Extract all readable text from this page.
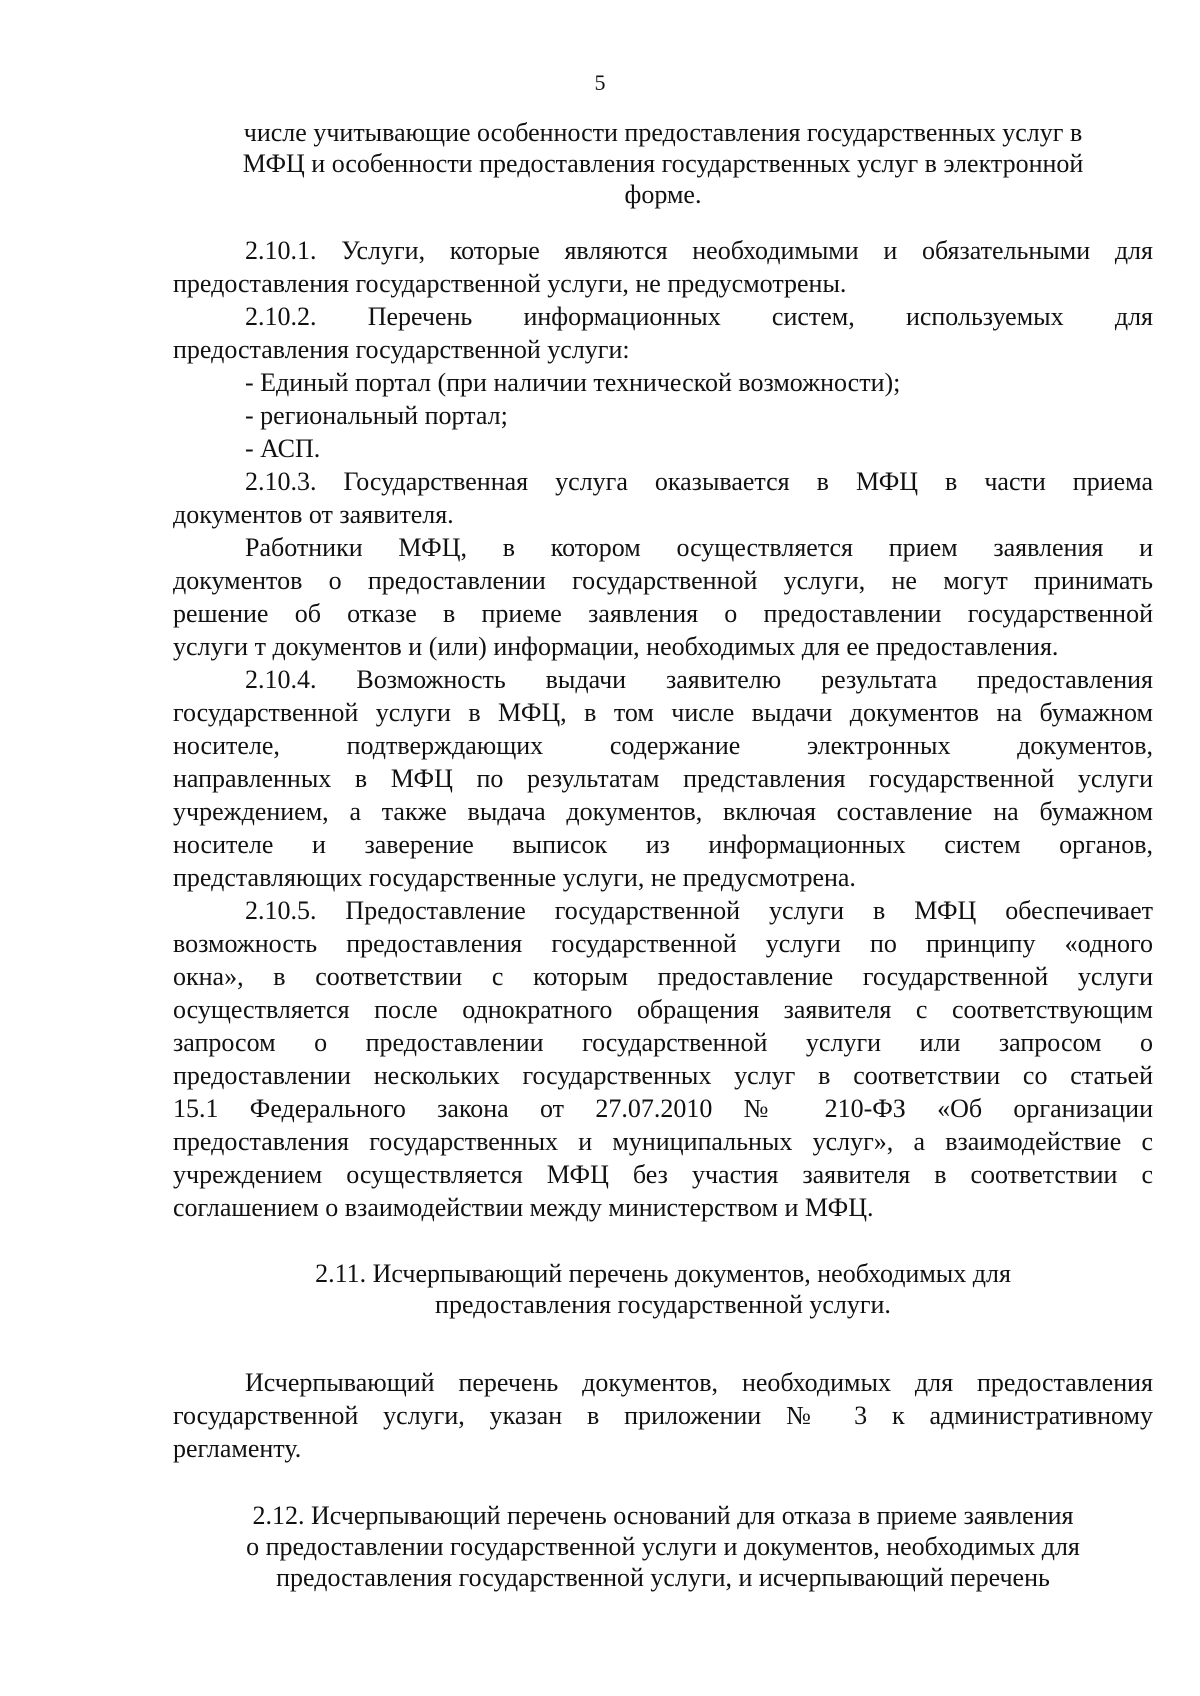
5
числе учитывающие особенности предоставления государственных услуг в
МФЦ и особенности предоставления государственных услуг в электронной
форме.
2.10.1. Услуги, которые являются необходимыми и обязательными для
предоставления государственной услуги, не предусмотрены.
2.10.2. Перечень информационных систем, используемых для
предоставления государственной услуги:
- Единый портал (при наличии технической возможности);
- региональный портал;
- АСП.
2.10.3. Государственная услуга оказывается в МФЦ в части приема
документов от заявителя.
Работники МФЦ, в котором осуществляется прием заявления и
документов о предоставлении государственной услуги, не могут принимать
решение об отказе в приеме заявления о предоставлении государственной
услуги т документов и (или) информации, необходимых для ее предоставления.
2.10.4. Возможность выдачи заявителю результата предоставления
государственной услуги в МФЦ, в том числе выдачи документов на бумажном
носителе, подтверждающих содержание электронных документов,
направленных в МФЦ по результатам представления государственной услуги
учреждением, а также выдача документов, включая составление на бумажном
носителе и заверение выписок из информационных систем органов,
представляющих государственные услуги, не предусмотрена.
2.10.5. Предоставление государственной услуги в МФЦ обеспечивает
возможность предоставления государственной услуги по принципу «одного
окна», в соответствии с которым предоставление государственной услуги
осуществляется после однократного обращения заявителя с соответствующим
запросом о предоставлении государственной услуги или запросом о
предоставлении нескольких государственных услуг в соответствии со статьей
15.1 Федерального закона от 27.07.2010 № 210-ФЗ «Об организации
предоставления государственных и муниципальных услуг», а взаимодействие с
учреждением осуществляется МФЦ без участия заявителя в соответствии с
соглашением о взаимодействии между министерством и МФЦ.
2.11. Исчерпывающий перечень документов, необходимых для
предоставления государственной услуги.
Исчерпывающий перечень документов, необходимых для предоставления
государственной услуги, указан в приложении № 3 к административному
регламенту.
2.12. Исчерпывающий перечень оснований для отказа в приеме заявления
о предоставлении государственной услуги и документов, необходимых для
предоставления государственной услуги, и исчерпывающий перечень
